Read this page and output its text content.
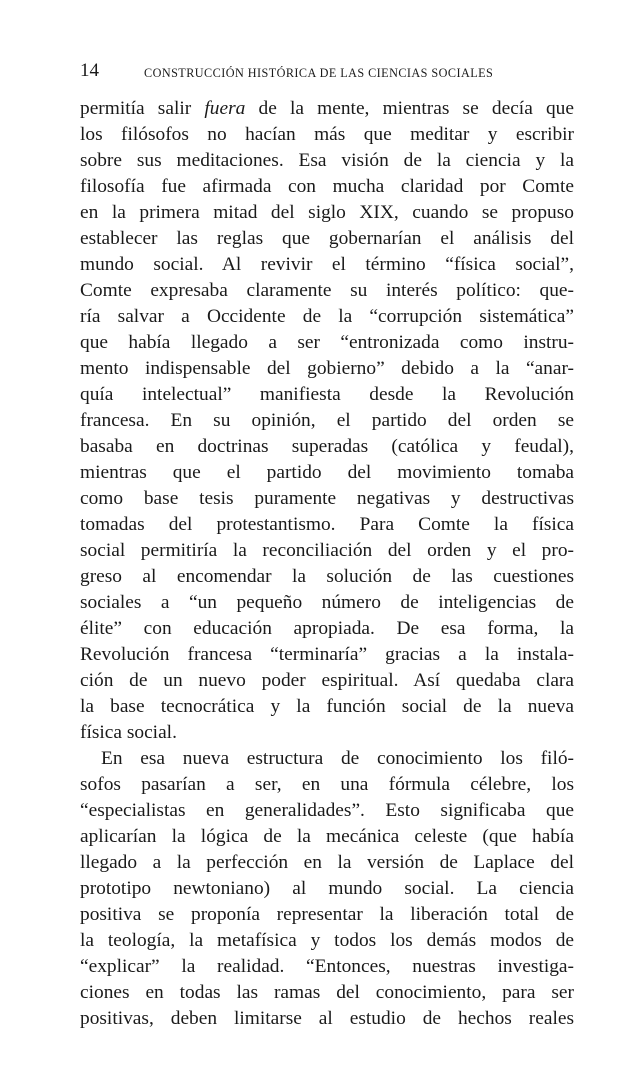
14	CONSTRUCCIÓN HISTÓRICA DE LAS CIENCIAS SOCIALES
permitía salir fuera de la mente, mientras se decía que
los filósofos no hacían más que meditar y escribir
sobre sus meditaciones. Esa visión de la ciencia y la
filosofía fue afirmada con mucha claridad por Comte
en la primera mitad del siglo XIX, cuando se propuso
establecer las reglas que gobernarían el análisis del
mundo social. Al revivir el término “física social”,
Comte expresaba claramente su interés político: que-
ría salvar a Occidente de la “corrupción sistemática”
que había llegado a ser “entronizada como instru-
mento indispensable del gobierno” debido a la “anar-
quía intelectual” manifiesta desde la Revolución
francesa. En su opinión, el partido del orden se
basaba en doctrinas superadas (católica y feudal),
mientras que el partido del movimiento tomaba
como base tesis puramente negativas y destructivas
tomadas del protestantismo. Para Comte la física
social permitiría la reconciliación del orden y el pro-
greso al encomendar la solución de las cuestiones
sociales a “un pequeño número de inteligencias de
élite” con educación apropiada. De esa forma, la
Revolución francesa “terminaría” gracias a la instala-
ción de un nuevo poder espiritual. Así quedaba clara
la base tecnocrática y la función social de la nueva
física social.
En esa nueva estructura de conocimiento los filó-
sofos pasarían a ser, en una fórmula célebre, los
“especialistas en generalidades”. Esto significaba que
aplicarían la lógica de la mecánica celeste (que había
llegado a la perfección en la versión de Laplace del
prototipo newtoniano) al mundo social. La ciencia
positiva se proponía representar la liberación total de
la teología, la metafísica y todos los demás modos de
“explicar” la realidad. “Entonces, nuestras investiga-
ciones en todas las ramas del conocimiento, para ser
positivas, deben limitarse al estudio de hechos reales
